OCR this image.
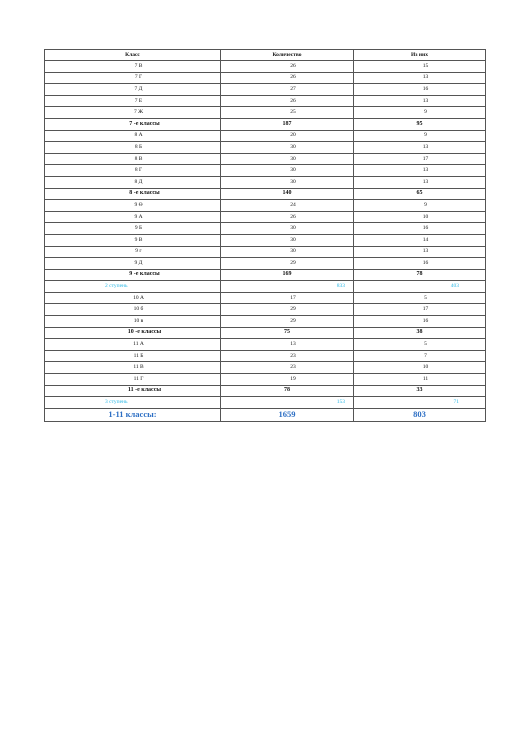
Класс	Количество	Из них
7 В	26	15
7 Г	26	13
7 Д	27	16
7 Е	26	13
7 Ж	25	9
7 -е классы	187	95
8 А	20	9
8 Б	30	13
8 В	30	17
8 Г	30	13
8 Д	30	13
8 -е классы	140	65
9 Ө	24	9
9 А	26	10
9 Б	30	16
9 В	30	14
9 г	30	13
9 Д	29	16
9 -е классы	169	78
2 ступень	833	403
10 А	17	5
10 б	29	17
10 в	29	16
10 -е классы	75	38
11 А	13	5
11 Б	23	7
11 В	23	10
11 Г	19	11
11 -е классы	78	33
3 ступень	153	71
1-11 классы:	1659	803
